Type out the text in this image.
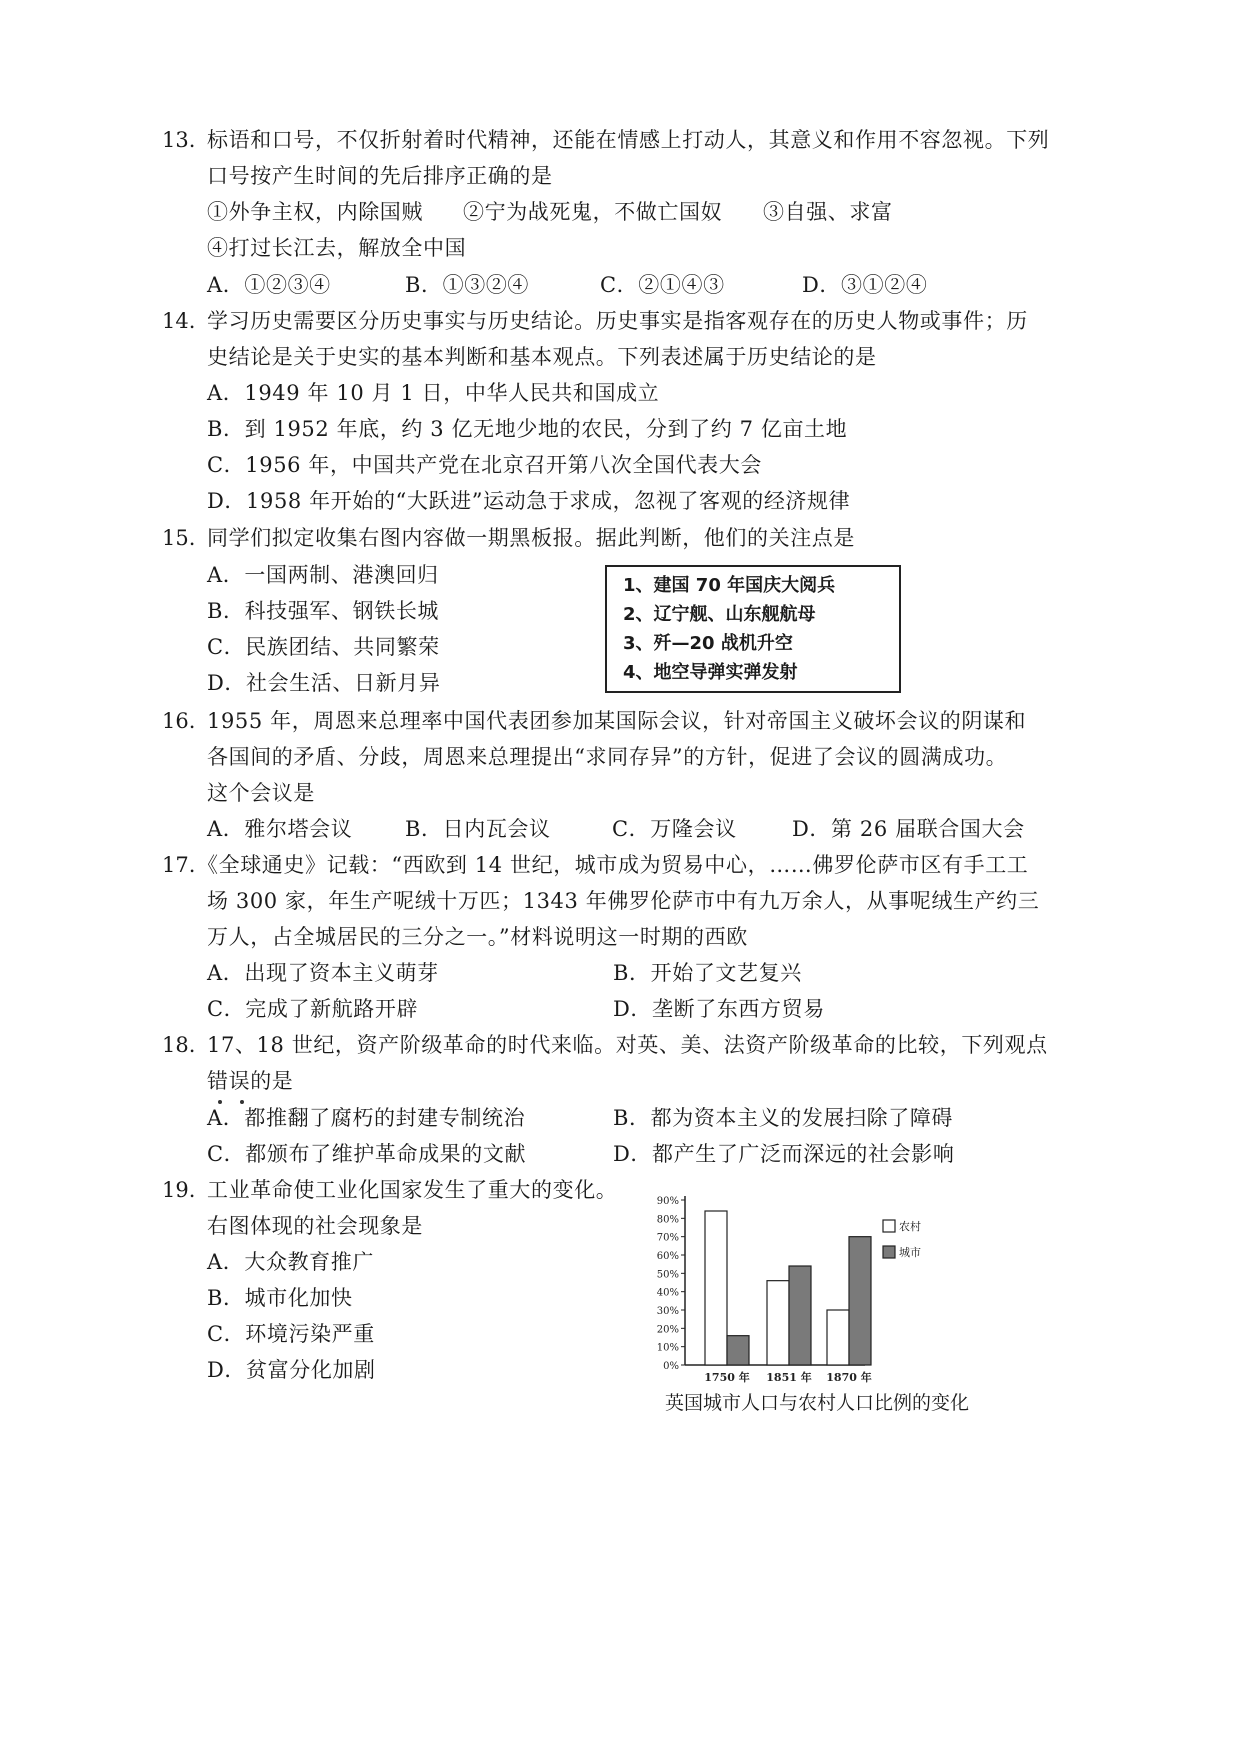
13. 标语和口号，不仅折射着时代精神，还能在情感上打动人，其意义和作用不容忽视。下列
口号按产生时间的先后排序正确的是
①外争主权，内除国贼 ②宁为战死鬼，不做亡国奴 ③自强、求富
④打过长江去，解放全中国
A．①②③④	B．①③②④	C．②①④③	D．③①②④
14. 学习历史需要区分历史事实与历史结论。历史事实是指客观存在的历史人物或事件；历
史结论是关于史实的基本判断和基本观点。下列表述属于历史结论的是
A．1949 年 10 月 1 日，中华人民共和国成立
B．到 1952 年底，约 3 亿无地少地的农民，分到了约 7 亿亩土地
C．1956 年，中国共产党在北京召开第八次全国代表大会
D．1958 年开始的“大跃进”运动急于求成，忽视了客观的经济规律
15. 同学们拟定收集右图内容做一期黑板报。据此判断，他们的关注点是
A．一国两制、港澳回归
B．科技强军、钢铁长城
C．民族团结、共同繁荣
D．社会生活、日新月异
1、建国 70 年国庆大阅兵
2、辽宁舰、山东舰航母
3、歼—20 战机升空
4、地空导弹实弹发射
16. 1955 年，周恩来总理率中国代表团参加某国际会议，针对帝国主义破坏会议的阴谋和
各国间的矛盾、分歧，周恩来总理提出“求同存异”的方针，促进了会议的圆满成功。
这个会议是
A．雅尔塔会议	B．日内瓦会议	C．万隆会议	D．第 26 届联合国大会
17. 《全球通史》记载：“西欧到 14 世纪，城市成为贸易中心，……佛罗伦萨市区有手工工
场 300 家，年生产呢绒十万匹；1343 年佛罗伦萨市中有九万余人，从事呢绒生产约三
万人，占全城居民的三分之一。”材料说明这一时期的西欧
A．出现了资本主义萌芽	B．开始了文艺复兴
C．完成了新航路开辟	D．垄断了东西方贸易
18. 17、18 世纪，资产阶级革命的时代来临。对英、美、法资产阶级革命的比较，下列观点
错误的是
A．都推翻了腐朽的封建专制统治	B．都为资本主义的发展扫除了障碍
C．都颁布了维护革命成果的文献	D．都产生了广泛而深远的社会影响
19. 工业革命使工业化国家发生了重大的变化。
右图体现的社会现象是
A．大众教育推广
B．城市化加快
C．环境污染严重
D．贫富分化加剧	0%
10%
20%
30%
40%
50%
60%
70%
80%
90%
1750 年 1851 年 1870 年
农村
城市
英国城市人口与农村人口比例的变化
